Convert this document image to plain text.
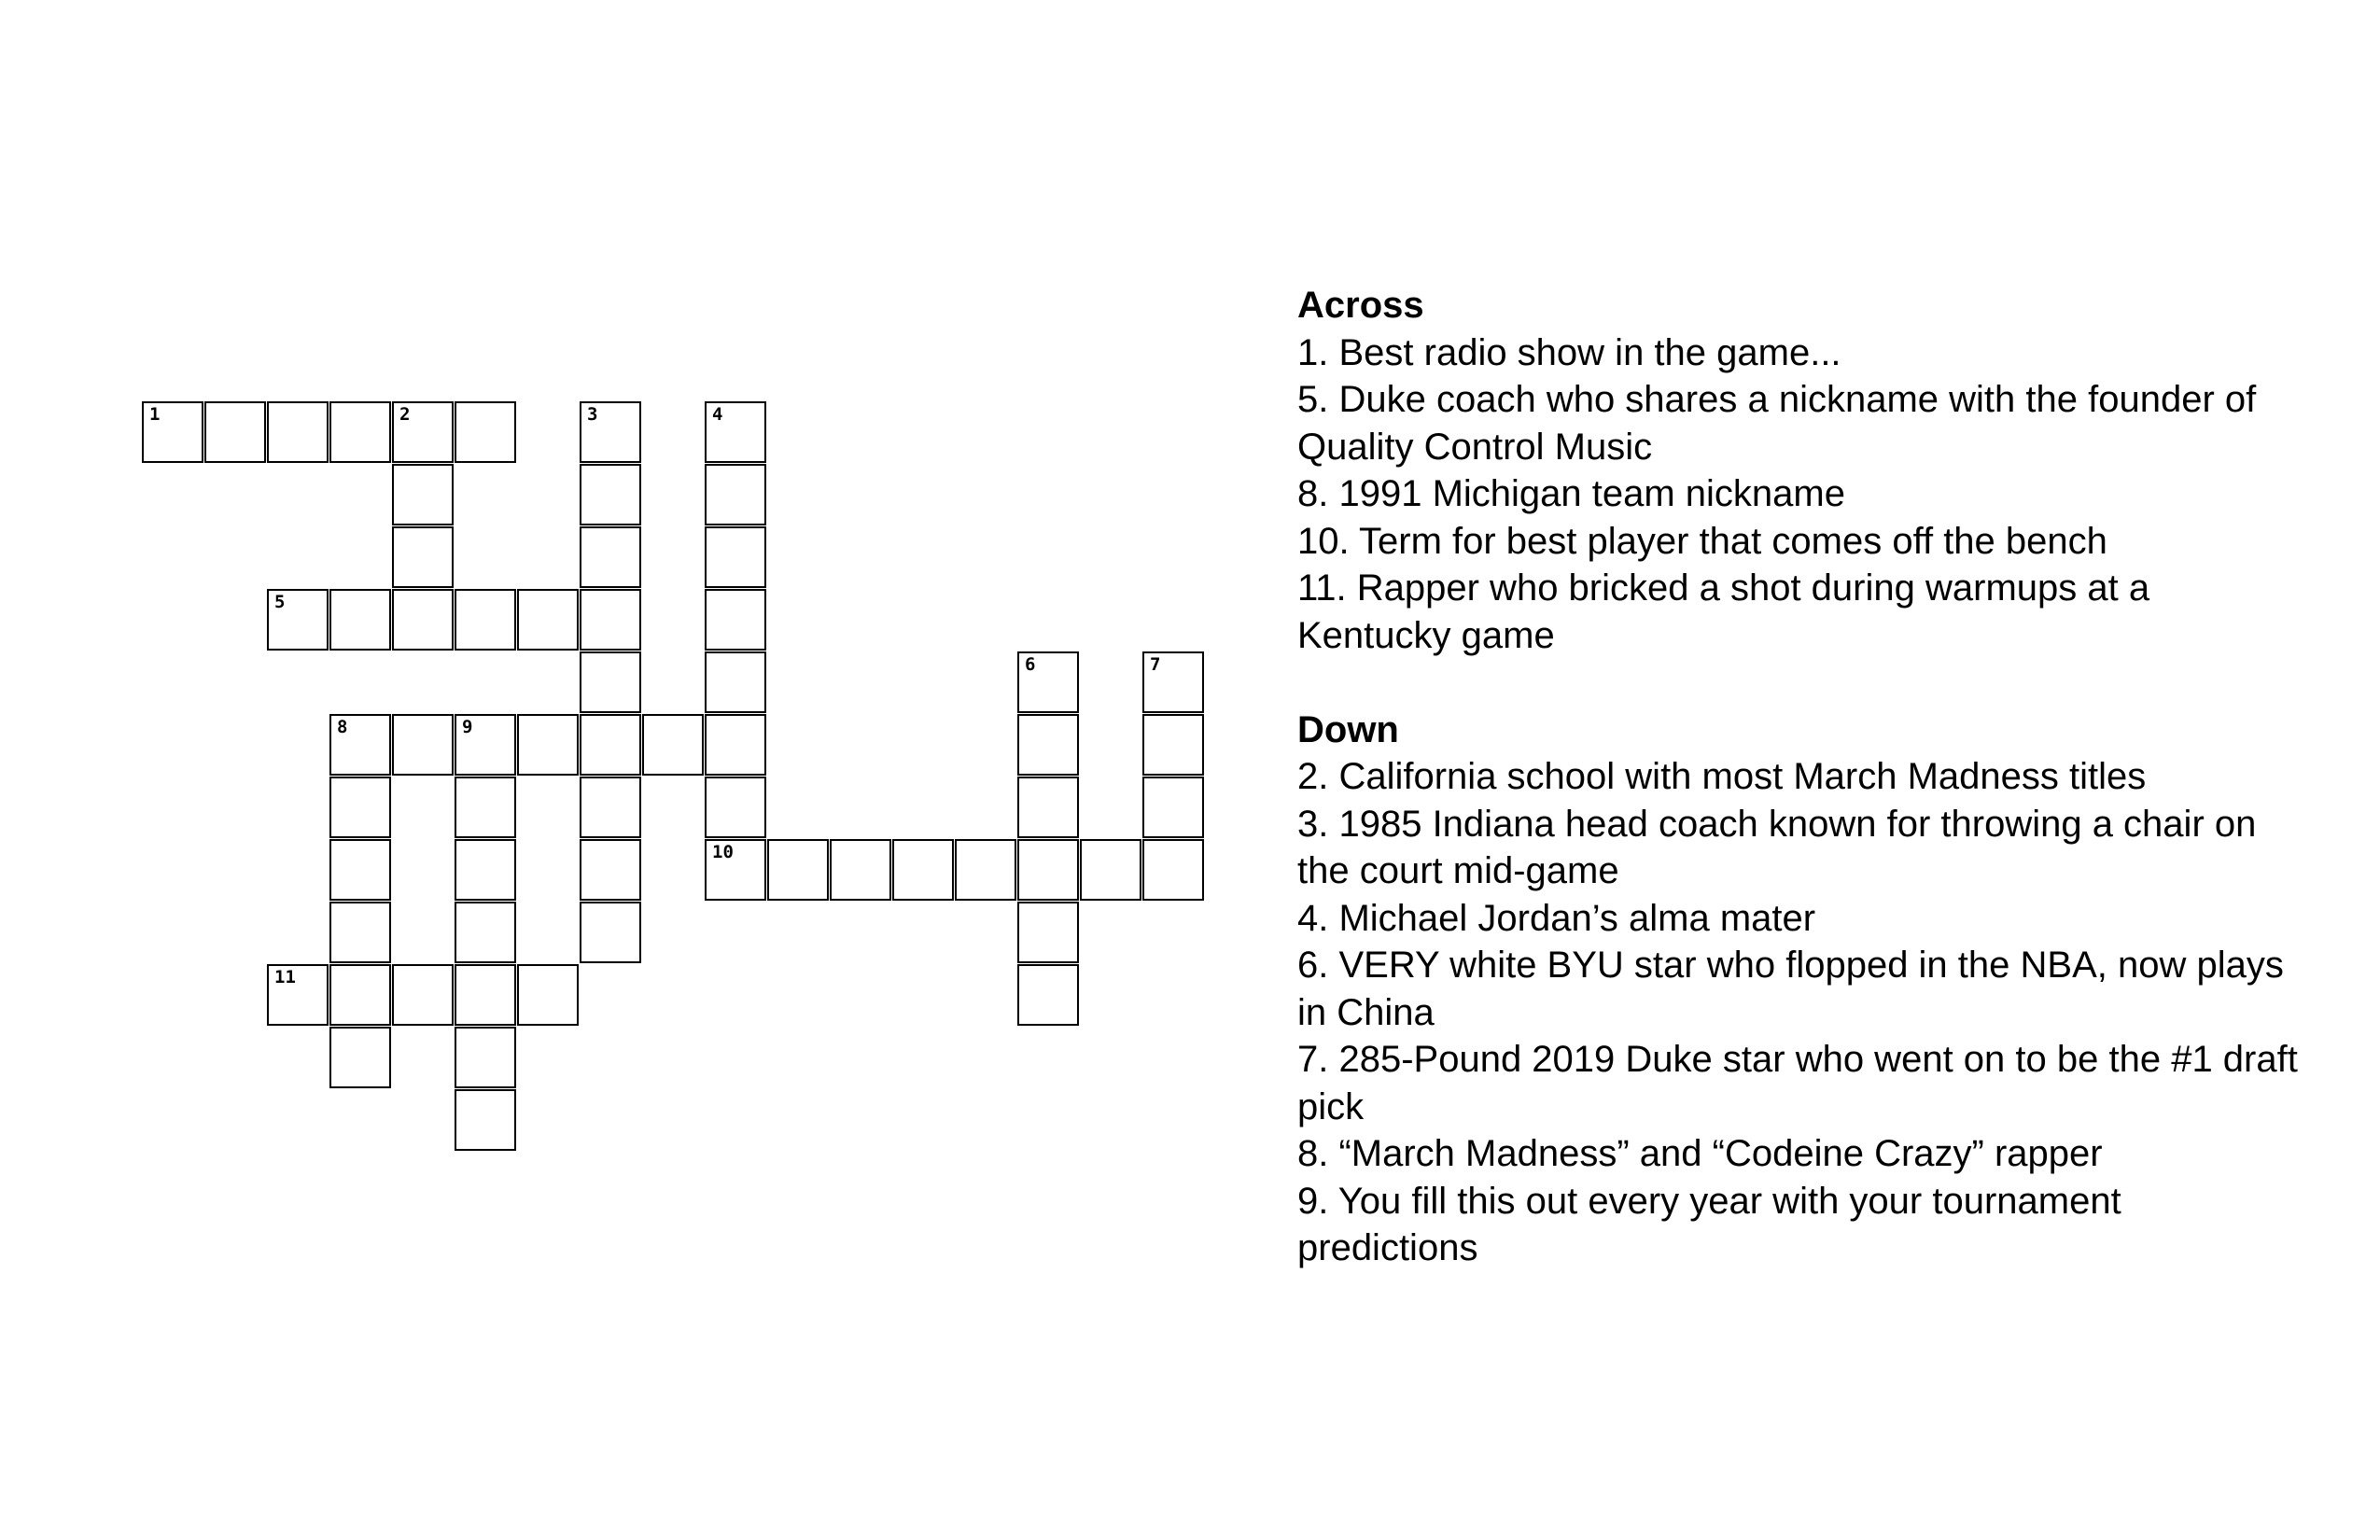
1	2	3	4
5
6	7
8	9
10
11
Across

1. Best radio show in the game...

5. Duke coach who shares a nickname with the founder of Quality Control Music

8. 1991 Michigan team nickname

10. Term for best player that comes off the bench

11. Rapper who bricked a shot during warmups at a Kentucky game

Down

2. California school with most March Madness titles

3. 1985 Indiana head coach known for throwing a chair on the court mid-game

4. Michael Jordan’s alma mater

6. VERY white BYU star who flopped in the NBA, now plays in China

7. 285-Pound 2019 Duke star who went on to be the #1 draft pick

8. “March Madness” and “Codeine Crazy” rapper

9. You fill this out every year with your tournament predictions
